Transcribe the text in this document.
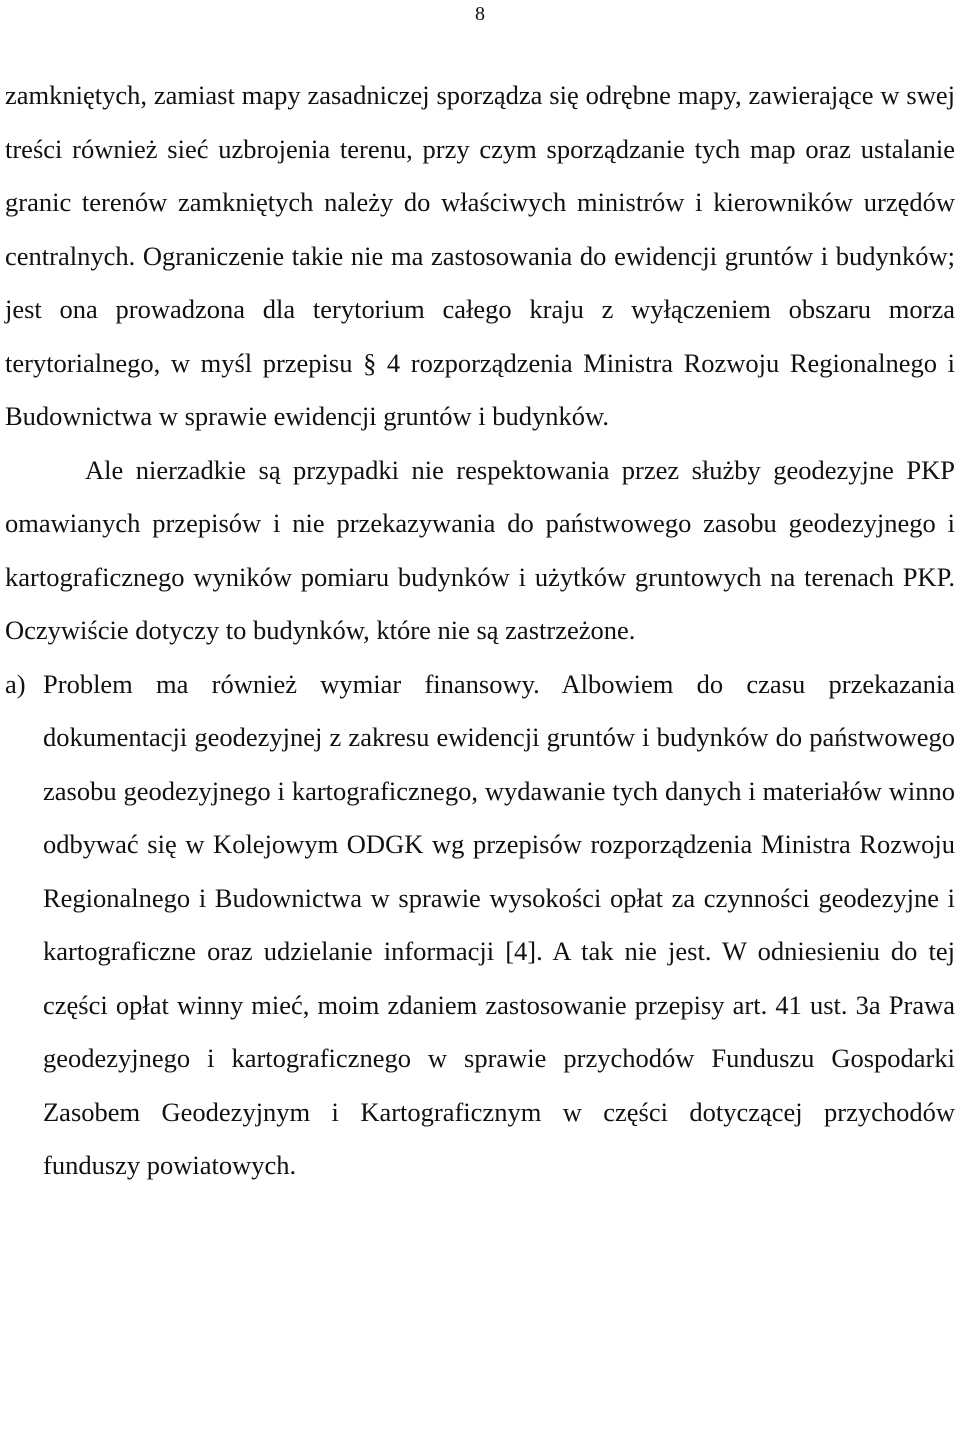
8

zamkniętych, zamiast mapy zasadniczej sporządza się odrębne mapy, zawierające w swej treści również sieć uzbrojenia terenu, przy czym sporządzanie tych map oraz ustalanie granic terenów zamkniętych należy do właściwych ministrów i kierowników urzędów centralnych. Ograniczenie takie nie ma zastosowania do ewidencji gruntów i budynków; jest ona prowadzona dla terytorium całego kraju z wyłączeniem obszaru morza terytorialnego, w myśl przepisu § 4 rozporządzenia Ministra Rozwoju Regionalnego i Budownictwa w sprawie ewidencji gruntów i budynków.

Ale nierzadkie są przypadki nie respektowania przez służby geodezyjne PKP omawianych przepisów i nie przekazywania do państwowego zasobu geodezyjnego i kartograficznego wyników pomiaru budynków i użytków gruntowych na terenach PKP. Oczywiście dotyczy to budynków, które nie są zastrzeżone.

a) Problem ma również wymiar finansowy. Albowiem do czasu przekazania dokumentacji geodezyjnej z zakresu ewidencji gruntów i budynków do państwowego zasobu geodezyjnego i kartograficznego, wydawanie tych danych i materiałów winno odbywać się w Kolejowym ODGK wg przepisów rozporządzenia Ministra Rozwoju Regionalnego i Budownictwa w sprawie wysokości opłat za czynności geodezyjne i kartograficzne oraz udzielanie informacji [4]. A tak nie jest. W odniesieniu do tej części opłat winny mieć, moim zdaniem zastosowanie przepisy art. 41 ust. 3a Prawa geodezyjnego i kartograficznego w sprawie przychodów Funduszu Gospodarki Zasobem Geodezyjnym i Kartograficznym w części dotyczącej przychodów funduszy powiatowych.
